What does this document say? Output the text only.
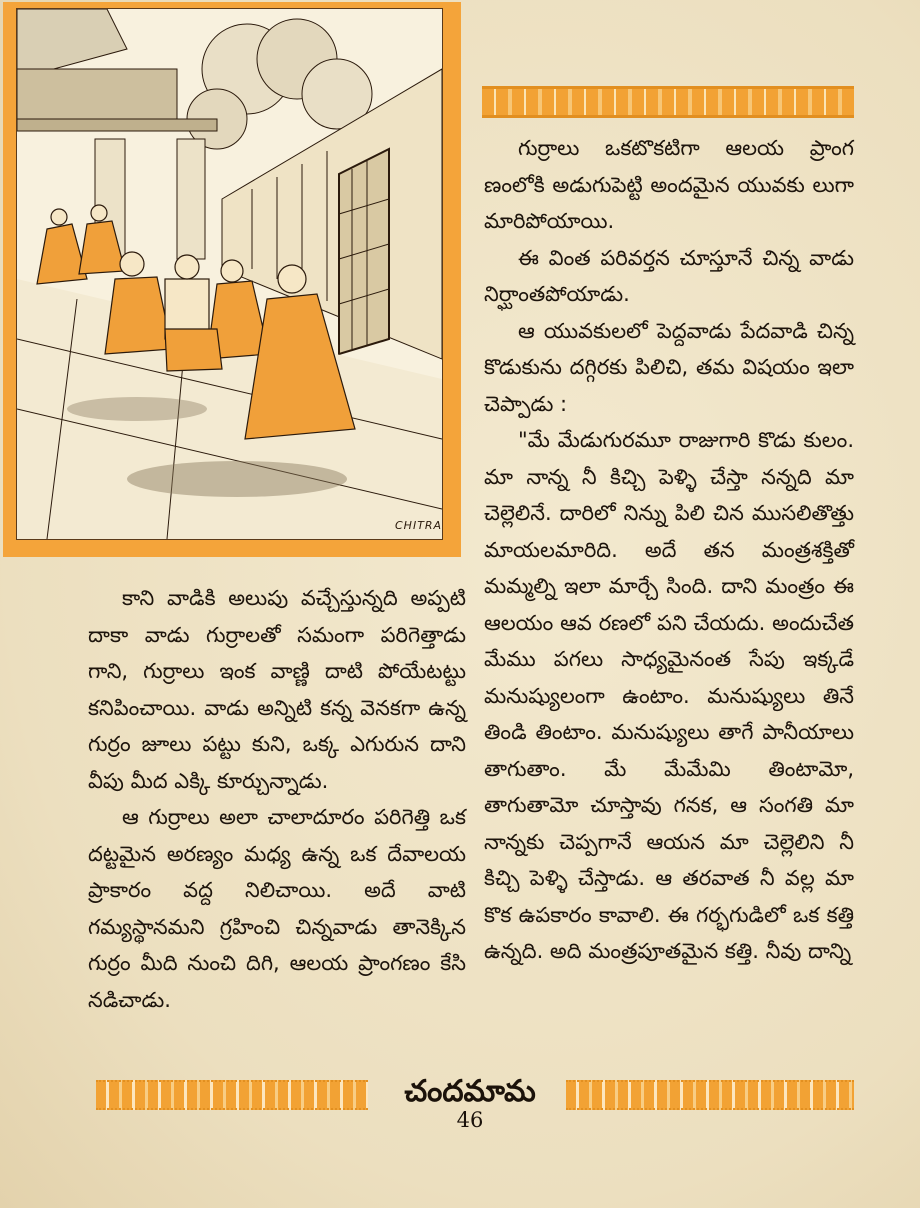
CHITRA

గుర్రాలు ఒకటొకటిగా ఆలయ ప్రాంగ ణంలోకి అడుగుపెట్టి అందమైన యువకు లుగా మారిపోయాయి.

ఈ వింత పరివర్తన చూస్తూనే చిన్న వాడు నిర్ఘాంతపోయాడు.

ఆ యువకులలో పెద్దవాడు పేదవాడి చిన్న కొడుకును దగ్గిరకు పిలిచి, తమ విషయం ఇలా చెప్పాడు :

"మే మేడుగురమూ రాజుగారి కొడు కులం. మా నాన్న నీ కిచ్చి పెళ్ళి చేస్తా నన్నది మా చెల్లెలినే. దారిలో నిన్ను పిలి చిన ముసలితొత్తు మాయలమారిది. అదే తన మంత్రశక్తితో మమ్మల్ని ఇలా మార్చే సింది. దాని మంత్రం ఈ ఆలయం ఆవ రణలో పని చేయదు. అందుచేత మేము పగలు సాధ్యమైనంత సేపు ఇక్కడే మనుష్యులంగా ఉంటాం. మనుష్యులు తినే తిండి తింటాం. మనుష్యులు తాగే పానీయాలు తాగుతాం. మే మేమేమి తింటామో, తాగుతామో చూస్తావు గనక, ఆ సంగతి మా నాన్నకు చెప్పగానే ఆయన మా చెల్లెలిని నీ కిచ్చి పెళ్ళి చేస్తాడు. ఆ తరవాత నీ వల్ల మా కొక ఉపకారం కావాలి. ఈ గర్భగుడిలో ఒక కత్తి ఉన్నది. అది మంత్రపూతమైన కత్తి. నీవు దాన్ని

కాని వాడికి అలుపు వచ్చేస్తున్నది అప్పటి దాకా వాడు గుర్రాలతో సమంగా పరిగెత్తాడు గాని, గుర్రాలు ఇంక వాణ్ణి దాటి పోయేటట్టు కనిపించాయి. వాడు అన్నిటి కన్న వెనకగా ఉన్న గుర్రం జూలు పట్టు కుని, ఒక్క ఎగురున దాని వీపు మీద ఎక్కి కూర్చున్నాడు.

ఆ గుర్రాలు అలా చాలాదూరం పరిగెత్తి ఒక దట్టమైన అరణ్యం మధ్య ఉన్న ఒక దేవాలయ ప్రాకారం వద్ద నిలిచాయి. అదే వాటి గమ్యస్థానమని గ్రహించి చిన్నవాడు తానెక్కిన గుర్రం మీది నుంచి దిగి, ఆలయ ప్రాంగణం కేసి నడిచాడు.

చందమామ
46
